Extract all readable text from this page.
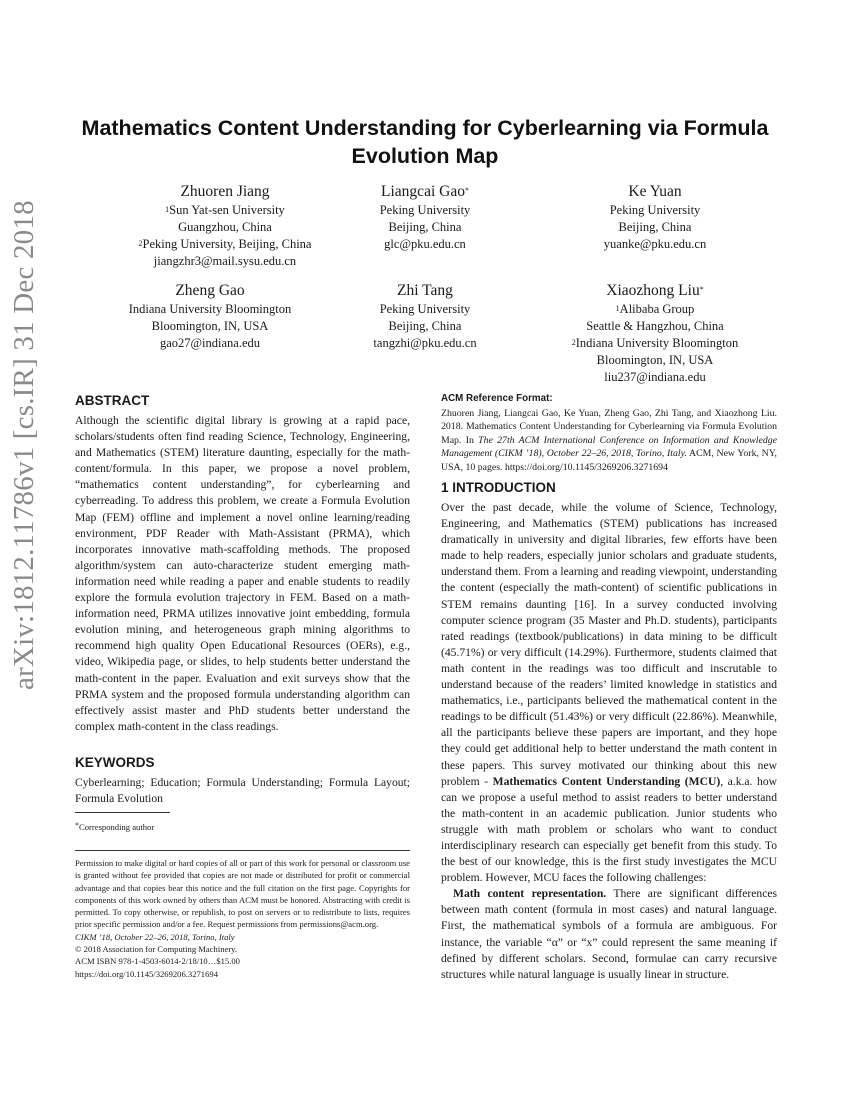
arXiv:1812.11786v1 [cs.IR] 31 Dec 2018
Mathematics Content Understanding for Cyberlearning via Formula Evolution Map
Zhuoren Jiang
$^1$Sun Yat-sen University
Guangzhou, China
$^2$Peking University, Beijing, China
jiangzhr3@mail.sysu.edu.cn
Liangcai Gao*
Peking University
Beijing, China
glc@pku.edu.cn
Ke Yuan
Peking University
Beijing, China
yuanke@pku.edu.cn
Zheng Gao
Indiana University Bloomington
Bloomington, IN, USA
gao27@indiana.edu
Zhi Tang
Peking University
Beijing, China
tangzhi@pku.edu.cn
Xiaozhong Liu*
$^1$Alibaba Group
Seattle & Hangzhou, China
$^2$Indiana University Bloomington
Bloomington, IN, USA
liu237@indiana.edu
ABSTRACT

Although the scientific digital library is growing at a rapid pace, scholars/students often find reading Science, Technology, Engineering, and Mathematics (STEM) literature daunting, especially for the math-content/formula. In this paper, we propose a novel problem, “mathematics content understanding”, for cyberlearning and cyberreading. To address this problem, we create a Formula Evolution Map (FEM) offline and implement a novel online learning/reading environment, PDF Reader with Math-Assistant (PRMA), which incorporates innovative math-scaffolding methods. The proposed algorithm/system can auto-characterize student emerging math-information need while reading a paper and enable students to readily explore the formula evolution trajectory in FEM. Based on a math-information need, PRMA utilizes innovative joint embedding, formula evolution mining, and heterogeneous graph mining algorithms to recommend high quality Open Educational Resources (OERs), e.g., video, Wikipedia page, or slides, to help students better understand the math-content in the paper. Evaluation and exit surveys show that the PRMA system and the proposed formula understanding algorithm can effectively assist master and PhD students better understand the complex math-content in the class readings.

KEYWORDS

Cyberlearning; Education; Formula Understanding; Formula Layout; Formula Evolution

*Corresponding author

Permission to make digital or hard copies of all or part of this work for personal or classroom use is granted without fee provided that copies are not made or distributed for profit or commercial advantage and that copies bear this notice and the full citation on the first page. Copyrights for components of this work owned by others than ACM must be honored. Abstracting with credit is permitted. To copy otherwise, or republish, to post on servers or to redistribute to lists, requires prior specific permission and/or a fee. Request permissions from permissions@acm.org.

CIKM ’18, October 22–26, 2018, Torino, Italy

© 2018 Association for Computing Machinery.

ACM ISBN 978-1-4503-6014-2/18/10…$15.00

https://doi.org/10.1145/3269206.3271694

ACM Reference Format:

Zhuoren Jiang, Liangcai Gao, Ke Yuan, Zheng Gao, Zhi Tang, and Xiaozhong Liu. 2018. Mathematics Content Understanding for Cyberlearning via Formula Evolution Map. In The 27th ACM International Conference on Information and Knowledge Management (CIKM ’18), October 22–26, 2018, Torino, Italy. ACM, New York, NY, USA, 10 pages. https://doi.org/10.1145/3269206.3271694

1 INTRODUCTION

Over the past decade, while the volume of Science, Technology, Engineering, and Mathematics (STEM) publications has increased dramatically in university and digital libraries, few efforts have been made to help readers, especially junior scholars and graduate students, understand them. From a learning and reading viewpoint, understanding the content (especially the math-content) of scientific publications in STEM remains daunting [16]. In a survey conducted involving computer science program (35 Master and Ph.D. students), participants rated readings (textbook/publications) in data mining to be difficult (45.71%) or very difficult (14.29%). Furthermore, students claimed that math content in the readings was too difficult and inscrutable to understand because of the readers’ limited knowledge in statistics and mathematics, i.e., participants believed the mathematical content in the readings to be difficult (51.43%) or very difficult (22.86%). Meanwhile, all the participants believe these papers are important, and they hope they could get additional help to better understand the math content in these papers. This survey motivated our thinking about this new problem - Mathematics Content Understanding (MCU), a.k.a. how can we propose a useful method to assist readers to better understand the math-content in an academic publication. Junior students who struggle with math problem or scholars who want to conduct interdisciplinary research can especially get benefit from this study. To the best of our knowledge, this is the first study investigates the MCU problem. However, MCU faces the following challenges:

Math content representation. There are significant differences between math content (formula in most cases) and natural language. First, the mathematical symbols of a formula are ambiguous. For instance, the variable “α” or “x” could represent the same meaning if defined by different scholars. Second, formulae can carry recursive structures while natural language is usually linear in structure.
